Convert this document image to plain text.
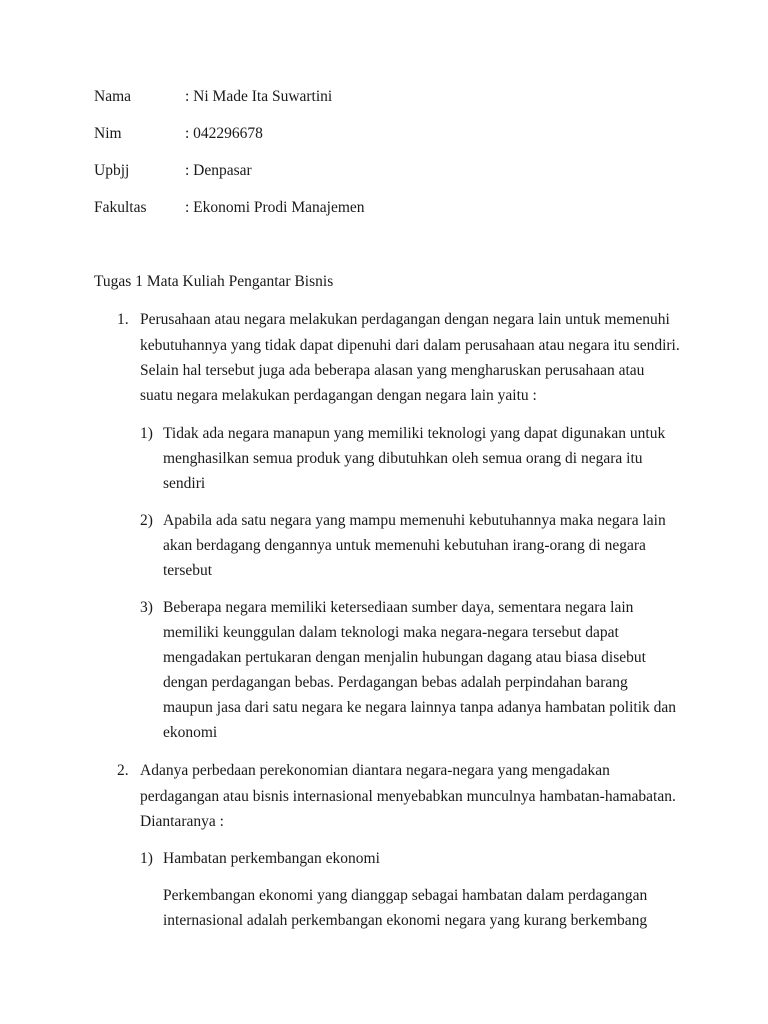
Nama	: Ni Made Ita Suwartini
Nim	: 042296678
Upbjj	: Denpasar
Fakultas : Ekonomi Prodi Manajemen
Tugas 1 Mata Kuliah Pengantar Bisnis
1. Perusahaan atau negara melakukan perdagangan dengan negara lain untuk memenuhi
kebutuhannya yang tidak dapat dipenuhi dari dalam perusahaan atau negara itu sendiri.
Selain hal tersebut juga ada beberapa alasan yang mengharuskan perusahaan atau
suatu negara melakukan perdagangan dengan negara lain yaitu :
1) Tidak ada negara manapun yang memiliki teknologi yang dapat digunakan untuk
menghasilkan semua produk yang dibutuhkan oleh semua orang di negara itu
sendiri
2) Apabila ada satu negara yang mampu memenuhi kebutuhannya maka negara lain
akan berdagang dengannya untuk memenuhi kebutuhan irang-orang di negara
tersebut
3) Beberapa negara memiliki ketersediaan sumber daya, sementara negara lain
memiliki keunggulan dalam teknologi maka negara-negara tersebut dapat
mengadakan pertukaran dengan menjalin hubungan dagang atau biasa disebut
dengan perdagangan bebas. Perdagangan bebas adalah perpindahan barang
maupun jasa dari satu negara ke negara lainnya tanpa adanya hambatan politik dan
ekonomi
2. Adanya perbedaan perekonomian diantara negara-negara yang mengadakan
perdagangan atau bisnis internasional menyebabkan munculnya hambatan-hamabatan.
Diantaranya :
1) Hambatan perkembangan ekonomi
Perkembangan ekonomi yang dianggap sebagai hambatan dalam perdagangan
internasional adalah perkembangan ekonomi negara yang kurang berkembang
